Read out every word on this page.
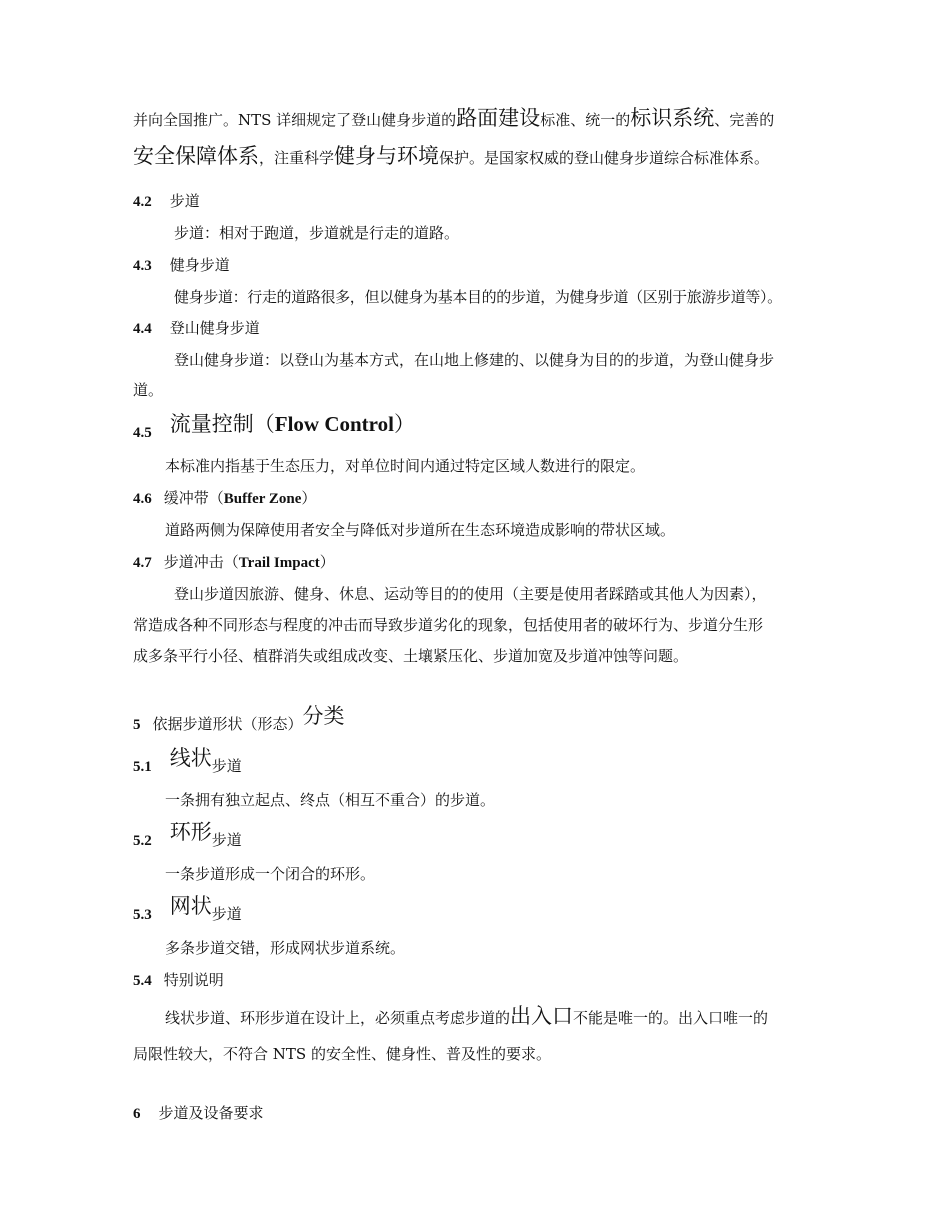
并向全国推广。NTS 详细规定了登山健身步道的路面建设标准、统一的标识系统、完善的
安全保障体系，注重科学健身与环境保护。是国家权威的登山健身步道综合标准体系。
4.2 步道
步道：相对于跑道，步道就是行走的道路。
4.3 健身步道
健身步道：行走的道路很多，但以健身为基本目的的步道，为健身步道（区别于旅游步道等）。
4.4 登山健身步道
登山健身步道：以登山为基本方式，在山地上修建的、以健身为目的的步道，为登山健身步
道。
4.5 流量控制（Flow Control）
本标准内指基于生态压力，对单位时间内通过特定区域人数进行的限定。
4.6 缓冲带（Buffer Zone）
道路两侧为保障使用者安全与降低对步道所在生态环境造成影响的带状区域。
4.7 步道冲击（Trail Impact）
登山步道因旅游、健身、休息、运动等目的的使用（主要是使用者踩踏或其他人为因素），
常造成各种不同形态与程度的冲击而导致步道劣化的现象，包括使用者的破坏行为、步道分生形
成多条平行小径、植群消失或组成改变、土壤紧压化、步道加宽及步道冲蚀等问题。
5 依据步道形状（形态）分类
5.1 线状步道
一条拥有独立起点、终点（相互不重合）的步道。
5.2 环形步道
一条步道形成一个闭合的环形。
5.3 网状步道
多条步道交错，形成网状步道系统。
5.4 特别说明
线状步道、环形步道在设计上，必须重点考虑步道的出入口不能是唯一的。出入口唯一的
局限性较大，不符合 NTS 的安全性、健身性、普及性的要求。
6 步道及设备要求
